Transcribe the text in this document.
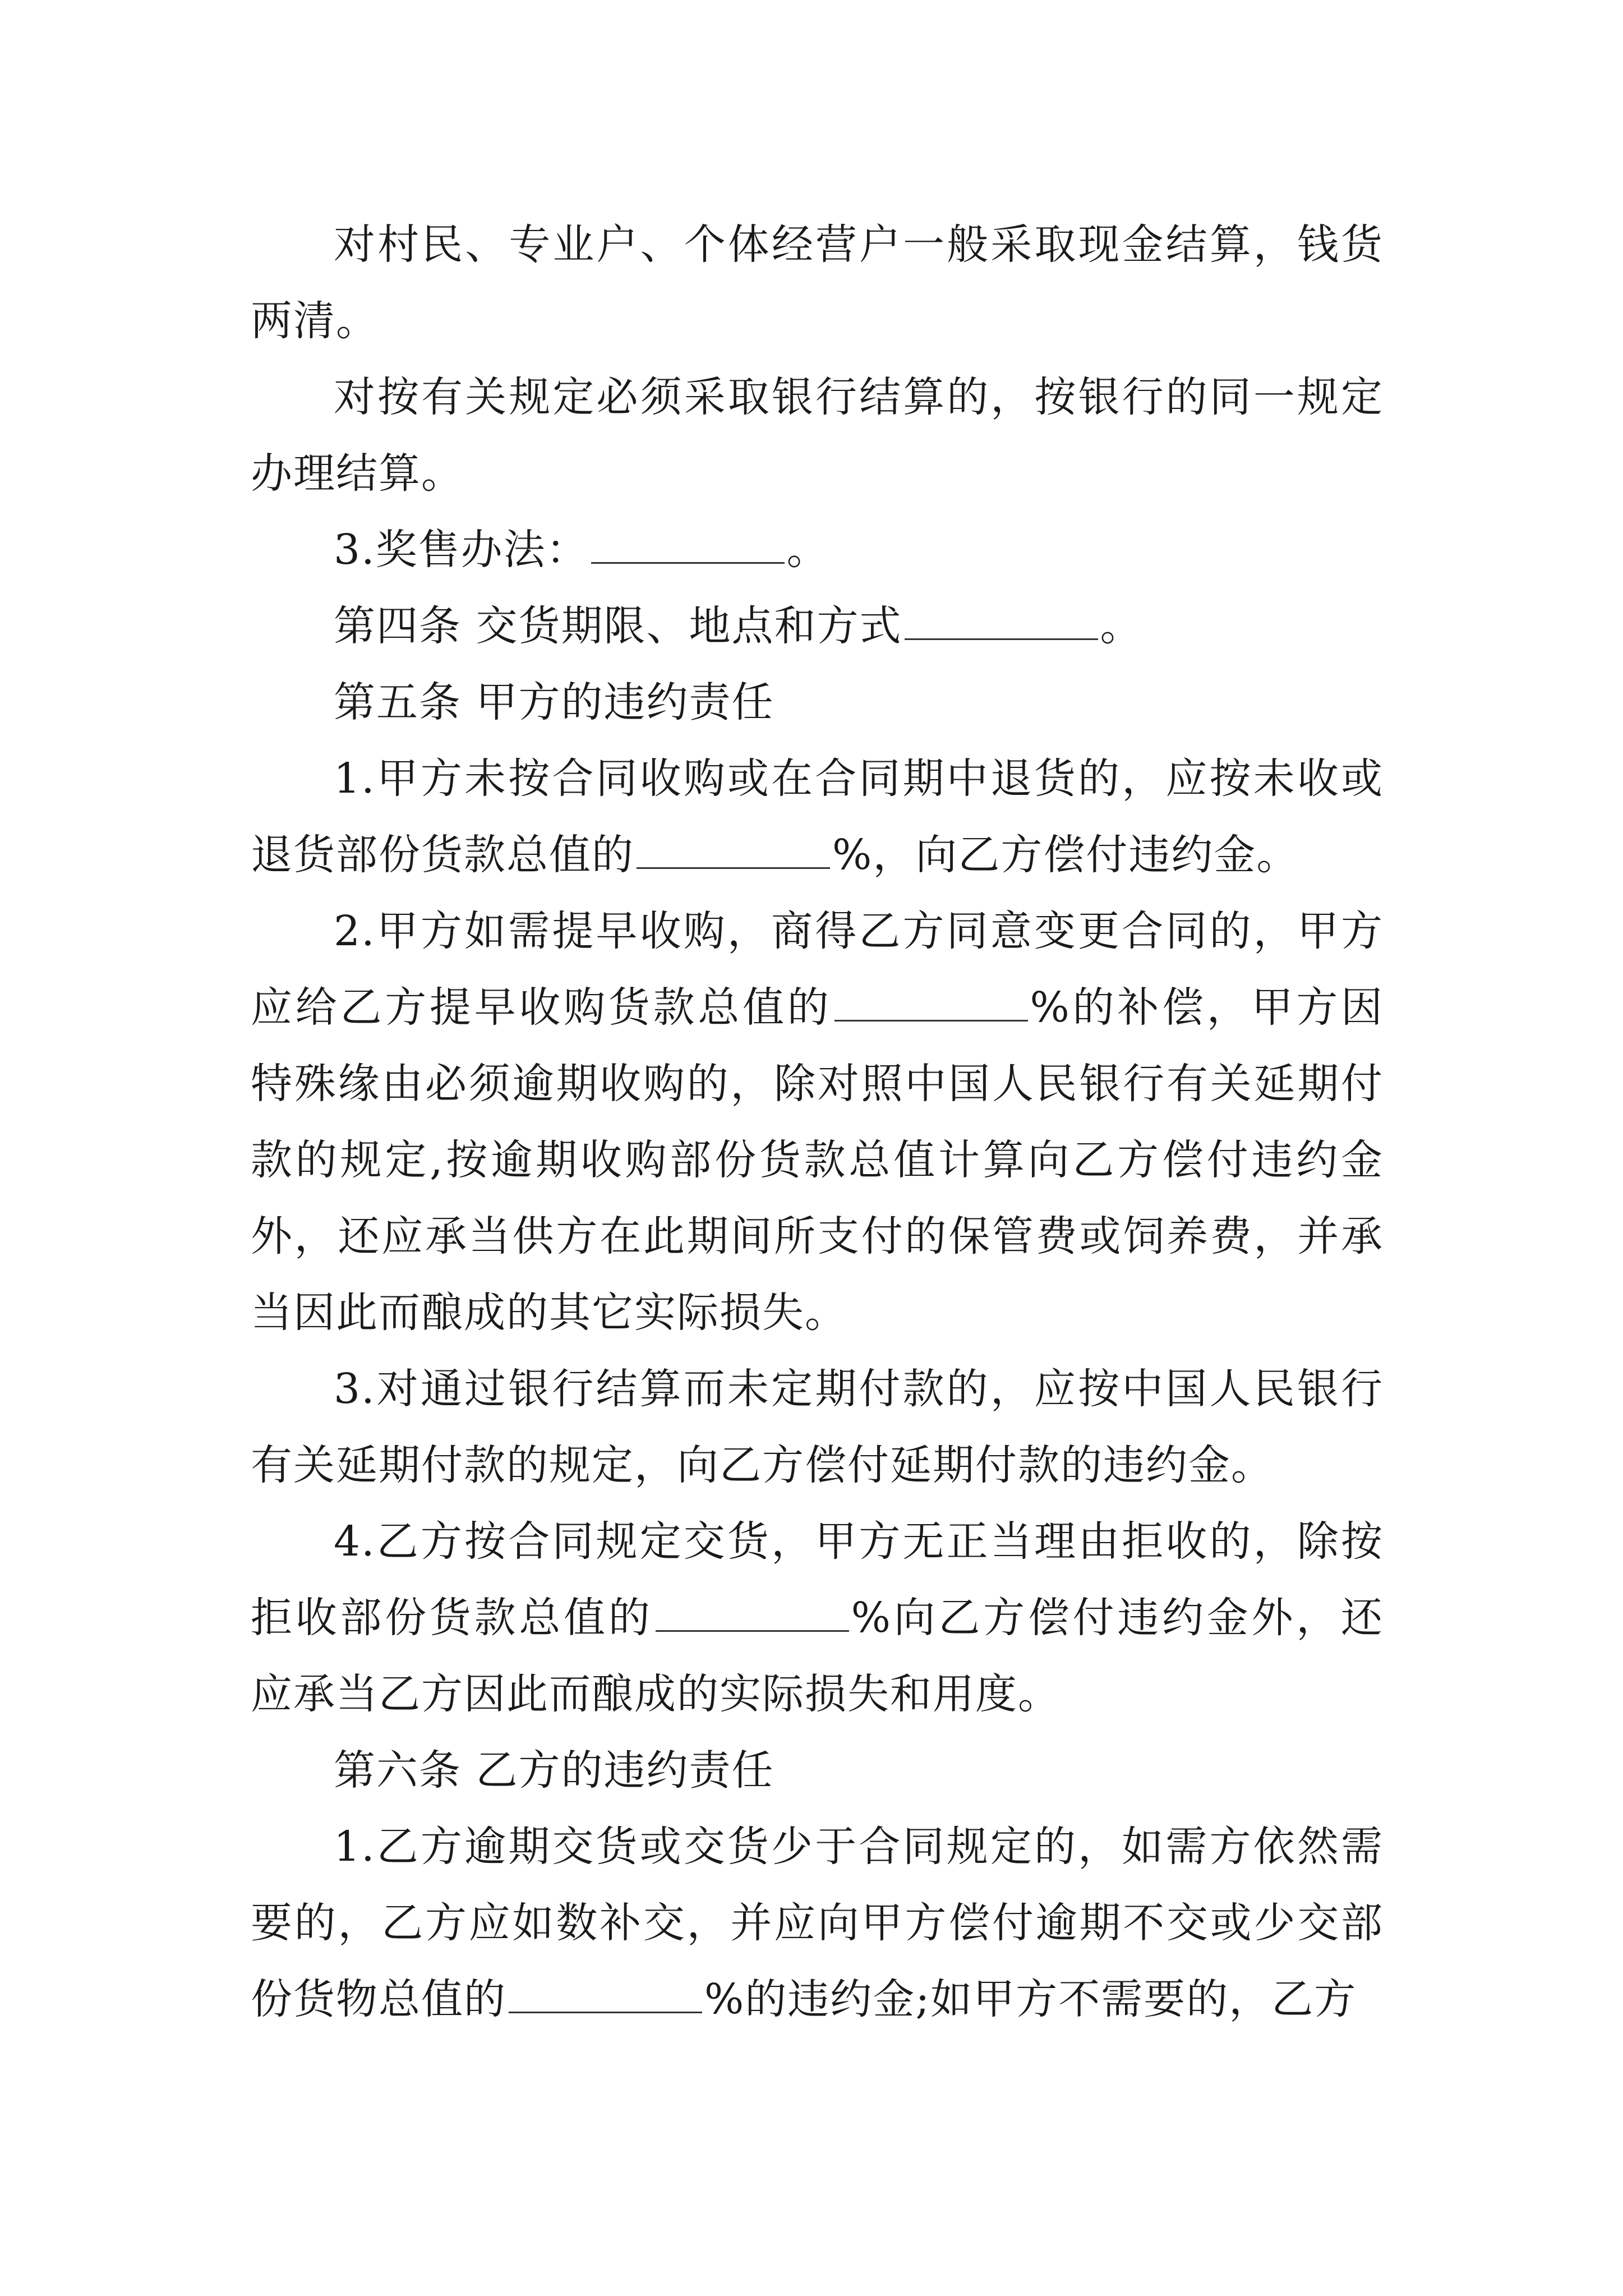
对村民、专业户、个体经营户一般采取现金结算，钱货两清。

对按有关规定必须采取银行结算的，按银行的同一规定办理结算。

3.奖售办法：	。

第四条 交货期限、地点和方式	。

第五条 甲方的违约责任

1.甲方未按合同收购或在合同期中退货的，应按未收或退货部份货款总值的	%，向乙方偿付违约金。

2.甲方如需提早收购，商得乙方同意变更合同的，甲方应给乙方提早收购货款总值的	%的补偿，甲方因特殊缘由必须逾期收购的，除对照中国人民银行有关延期付款的规定,按逾期收购部份货款总值计算向乙方偿付违约金外，还应承当供方在此期间所支付的保管费或饲养费，并承当因此而酿成的其它实际损失。

3.对通过银行结算而未定期付款的，应按中国人民银行有关延期付款的规定，向乙方偿付延期付款的违约金。

4.乙方按合同规定交货，甲方无正当理由拒收的，除按拒收部份货款总值的	%向乙方偿付违约金外，还应承当乙方因此而酿成的实际损失和用度。

第六条 乙方的违约责任

1.乙方逾期交货或交货少于合同规定的，如需方依然需要的，乙方应如数补交，并应向甲方偿付逾期不交或少交部份货物总值的	%的违约金;如甲方不需要的，乙方
